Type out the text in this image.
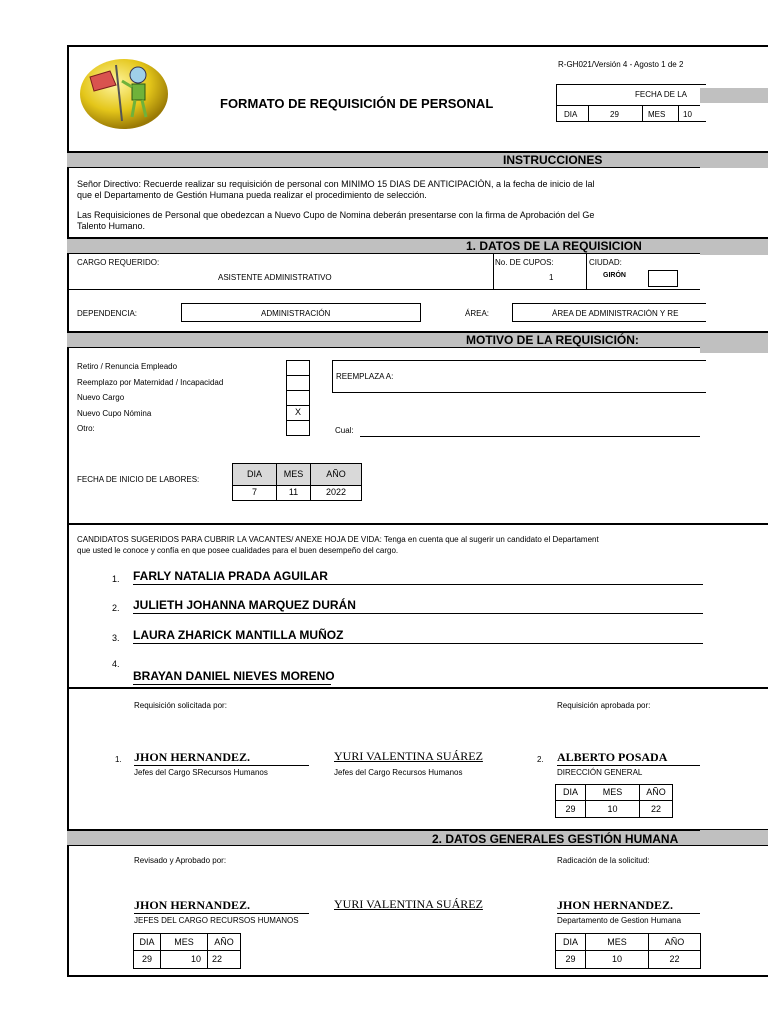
FORMATO DE REQUISICIÓN DE PERSONAL
R-GH021/Versión 4 - Agosto 1 de 2
FECHA DE LA
DIA	29	MES 10
INSTRUCCIONES
Señor Directivo: Recuerde realizar su requisición de personal con MINIMO 15 DIAS DE ANTICIPACIÓN, a la fecha de inicio de lal
que el Departamento de Gestión Humana pueda realizar el procedimiento de selección.
Las Requisiciones de Personal que obedezcan a Nuevo Cupo de Nomina deberán presentarse con la firma de Aprobación del Ge
Talento Humano.
1. DATOS DE LA REQUISICION
CARGO REQUERIDO:
ASISTENTE ADMINISTRATIVO
No. DE CUPOS:
1
CIUDAD:
GIRÓN
DEPENDENCIA:	ADMINISTRACIÓN	ÁREA:	ÁREA DE ADMINISTRACIÓN Y RE
MOTIVO DE LA REQUISICIÓN:
Retiro / Renuncia Empleado
Reemplazo por Maternidad / Incapacidad
Nuevo Cargo
Nuevo Cupo Nómina
Otro:
X
REEMPLAZA A:
Cual:
FECHA DE INICIO DE LABORES:
DIA	MES	AÑO
7	11	2022
CANDIDATOS SUGERIDOS PARA CUBRIR LA VACANTES/ ANEXE HOJA DE VIDA: Tenga en cuenta que al sugerir un candidato el Departament
que usted le conoce y confía en que posee cualidades para el buen desempeño del cargo.
1. FARLY NATALIA PRADA AGUILAR
2. JULIETH JOHANNA MARQUEZ DURÁN
3. LAURA ZHARICK MANTILLA MUÑOZ
4.
BRAYAN DANIEL NIEVES MORENO
Requisición solicitada por:	Requisición aprobada por:
1. JHON HERNANDEZ.
Jefes del Cargo SRecursos Humanos
YURI VALENTINA SUÁREZ
Jefes del Cargo Recursos Humanos
2. ALBERTO POSADA
DIRECCIÓN GENERAL
DIA	MES	AÑO
29	10	22
2. DATOS GENERALES GESTIÓN HUMANA
Revisado y Aprobado por:	Radicación de la solicitud:
JHON HERNANDEZ.
JEFES DEL CARGO RECURSOS HUMANOS
YURI VALENTINA SUÁREZ	JHON HERNANDEZ.
Departamento de Gestion Humana
DIA	MES	AÑO
29	10	22
DIA	MES	AÑO
29	10	22
